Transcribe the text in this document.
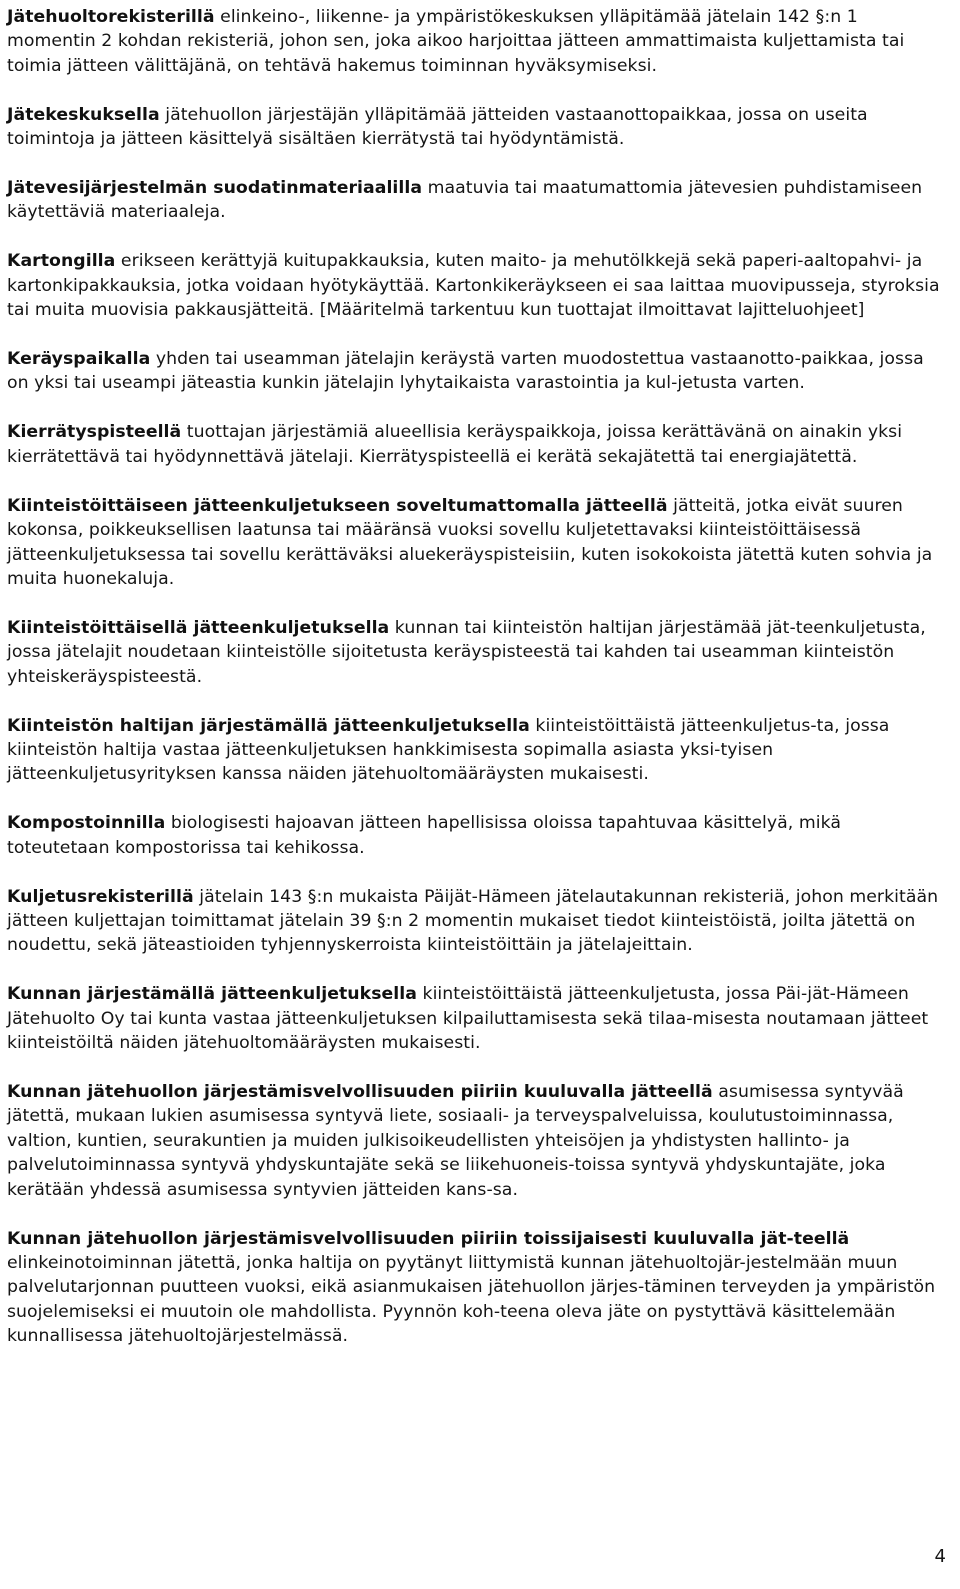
Jätehuoltorekisterillä elinkeino-, liikenne- ja ympäristökeskuksen ylläpitämää jätelain 142 §:n 1 momentin 2 kohdan rekisteriä, johon sen, joka aikoo harjoittaa jätteen ammattimaista kuljettamista tai toimia jätteen välittäjänä, on tehtävä hakemus toiminnan hyväksymiseksi.

Jätekeskuksella jätehuollon järjestäjän ylläpitämää jätteiden vastaanottopaikkaa, jossa on useita toimintoja ja jätteen käsittelyä sisältäen kierrätystä tai hyödyntämistä.

Jätevesijärjestelmän suodatinmateriaalilla maatuvia tai maatumattomia jätevesien puhdistamiseen käytettäviä materiaaleja.

Kartongilla erikseen kerättyjä kuitupakkauksia, kuten maito- ja mehutölkkejä sekä paperi-aaltopahvi- ja kartonkipakkauksia, jotka voidaan hyötykäyttää. Kartonkikeräykseen ei saa laittaa muovipusseja, styroksia tai muita muovisia pakkausjätteitä. [Määritelmä tarkentuu kun tuottajat ilmoittavat lajitteluohjeet]

Keräyspaikalla yhden tai useamman jätelajin keräystä varten muodostettua vastaanotto-paikkaa, jossa on yksi tai useampi jäteastia kunkin jätelajin lyhytaikaista varastointia ja kul-jetusta varten.

Kierrätyspisteellä tuottajan järjestämiä alueellisia keräyspaikkoja, joissa kerättävänä on ainakin yksi kierrätettävä tai hyödynnettävä jätelaji. Kierrätyspisteellä ei kerätä sekajätettä tai energiajätettä.

Kiinteistöittäiseen jätteenkuljetukseen soveltumattomalla jätteellä jätteitä, jotka eivät suuren kokonsa, poikkeuksellisen laatunsa tai määränsä vuoksi sovellu kuljetettavaksi kiinteistöittäisessä jätteenkuljetuksessa tai sovellu kerättäväksi aluekeräyspisteisiin, kuten isokokoista jätettä kuten sohvia ja muita huonekaluja.

Kiinteistöittäisellä jätteenkuljetuksella kunnan tai kiinteistön haltijan järjestämää jät-teenkuljetusta, jossa jätelajit noudetaan kiinteistölle sijoitetusta keräyspisteestä tai kahden tai useamman kiinteistön yhteiskeräyspisteestä.

Kiinteistön haltijan järjestämällä jätteenkuljetuksella kiinteistöittäistä jätteenkuljetus-ta, jossa kiinteistön haltija vastaa jätteenkuljetuksen hankkimisesta sopimalla asiasta yksi-tyisen jätteenkuljetusyrityksen kanssa näiden jätehuoltomääräysten mukaisesti.

Kompostoinnilla biologisesti hajoavan jätteen hapellisissa oloissa tapahtuvaa käsittelyä, mikä toteutetaan kompostorissa tai kehikossa.

Kuljetusrekisterillä jätelain 143 §:n mukaista Päijät-Hämeen jätelautakunnan rekisteriä, johon merkitään jätteen kuljettajan toimittamat jätelain 39 §:n 2 momentin mukaiset tiedot kiinteistöistä, joilta jätettä on noudettu, sekä jäteastioiden tyhjennyskerroista kiinteistöittäin ja jätelajeittain.

Kunnan järjestämällä jätteenkuljetuksella kiinteistöittäistä jätteenkuljetusta, jossa Päi-jät-Hämeen Jätehuolto Oy tai kunta vastaa jätteenkuljetuksen kilpailuttamisesta sekä tilaa-misesta noutamaan jätteet kiinteistöiltä näiden jätehuoltomääräysten mukaisesti.

Kunnan jätehuollon järjestämisvelvollisuuden piiriin kuuluvalla jätteellä asumisessa syntyvää jätettä, mukaan lukien asumisessa syntyvä liete, sosiaali- ja terveyspalveluissa, koulutustoiminnassa, valtion, kuntien, seurakuntien ja muiden julkisoikeudellisten yhteisöjen ja yhdistysten hallinto- ja palvelutoiminnassa syntyvä yhdyskuntajäte sekä se liikehuoneis-toissa syntyvä yhdyskuntajäte, joka kerätään yhdessä asumisessa syntyvien jätteiden kans-sa.

Kunnan jätehuollon järjestämisvelvollisuuden piiriin toissijaisesti kuuluvalla jät-teellä elinkeinotoiminnan jätettä, jonka haltija on pyytänyt liittymistä kunnan jätehuoltojär-jestelmään muun palvelutarjonnan puutteen vuoksi, eikä asianmukaisen jätehuollon järjes-täminen terveyden ja ympäristön suojelemiseksi ei muutoin ole mahdollista. Pyynnön koh-teena oleva jäte on pystyttävä käsittelemään kunnallisessa jätehuoltojärjestelmässä.

4
